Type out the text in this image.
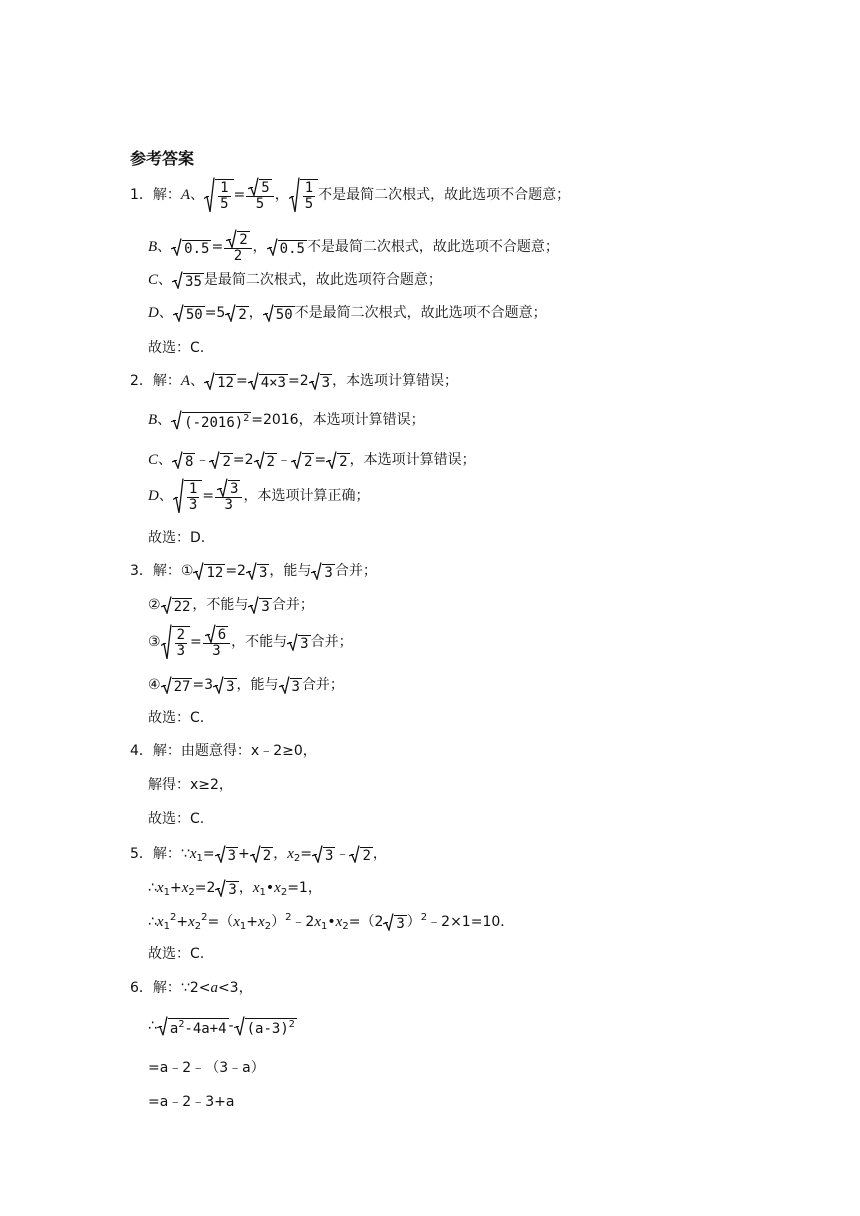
参考答案
1．解：A、 $\frac{1}{5} = \frac{5}{5}$ ， $\frac{1}{5}$ 不是最简二次根式，故此选项不合题意；
B、 $0.5 = \frac{2}{2}$ ， 0.5 不是最简二次根式，故此选项不合题意；
C、 35 是最简二次根式，故此选项符合题意；
D、 50 =5 2 ， 50 不是最简二次根式，故此选项不合题意；
故选：C.
2．解：A、 12 = 4×3 =2 3 ，本选项计算错误；
B、 $(-2016)^2 =2016$，本选项计算错误；
C、 8 ﹣ 2 =2 2 ﹣ 2 = 2 ，本选项计算错误；
D、 $\frac{1}{3} = \frac{3}{3}$ ，本选项计算正确；
故选：D.
3．解：① 12 =2 3 ，能与 3 合并；
② 22 ，不能与 3 合并；
③ $\frac{2}{3} = \frac{6}{3}$ ，不能与 3 合并；
④ 27 =3 3 ，能与 3 合并；
故选：C.
4．解：由题意得：x﹣2≥0，
解得：x≥2，
故选：C.
5．解：$\because x_1= 3 + 2$ ，$x_2= 3$ ﹣ 2 ，
$\therefore x_1+x_2=2$ 3 ，$x_1•x_2=1$，
$\therefore x_1^2+x_2^2=(x_1+x_2)^2﹣2x_1•x_2=(2$ 3 ）$^2$﹣2×1=10．
故选：C.
6．解：∵2<a<3，
∴ $a^2-4a+4 - (a-3)^2$
=a﹣2﹣（3﹣a）
=a﹣2﹣3+a
